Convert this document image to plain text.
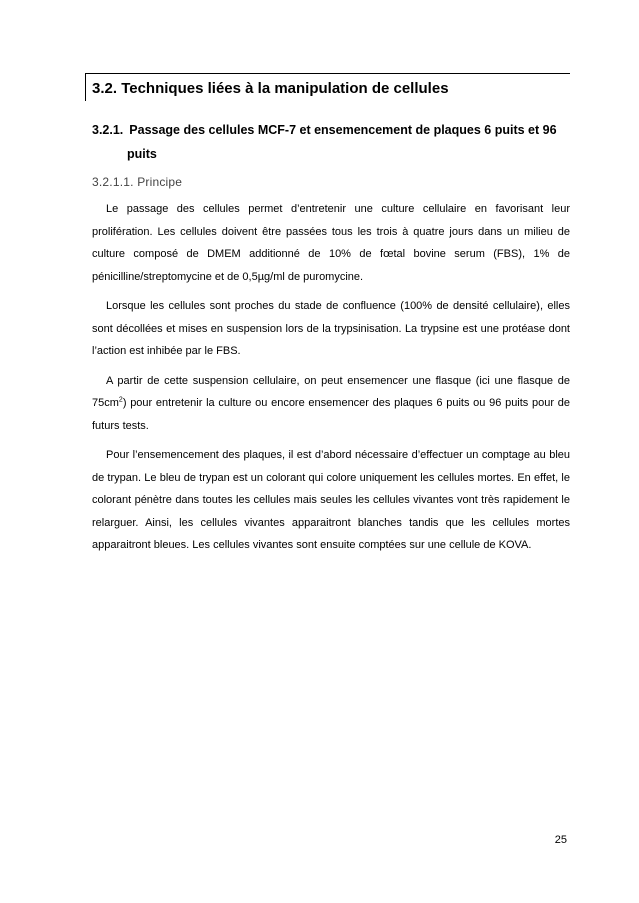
3.2. Techniques liées à la manipulation de cellules
3.2.1. Passage des cellules MCF-7 et ensemencement de plaques 6 puits et 96
puits
3.2.1.1. Principe

Le passage des cellules permet d’entretenir une culture cellulaire en favorisant leur prolifération. Les cellules doivent être passées tous les trois à quatre jours dans un milieu de culture composé de DMEM additionné de 10% de fœtal bovine serum (FBS), 1% de pénicilline/streptomycine et de 0,5µg/ml de puromycine.

Lorsque les cellules sont proches du stade de confluence (100% de densité cellulaire), elles sont décollées et mises en suspension lors de la trypsinisation. La trypsine est une protéase dont l’action est inhibée par le FBS.

A partir de cette suspension cellulaire, on peut ensemencer une flasque (ici une flasque de $75cm^2$) pour entretenir la culture ou encore ensemencer des plaques 6 puits ou 96 puits pour de futurs tests.

Pour l’ensemencement des plaques, il est d’abord nécessaire d’effectuer un comptage au bleu de trypan. Le bleu de trypan est un colorant qui colore uniquement les cellules mortes. En effet, le colorant pénètre dans toutes les cellules mais seules les cellules vivantes vont très rapidement le relarguer. Ainsi, les cellules vivantes apparaitront blanches tandis que les cellules mortes apparaitront bleues. Les cellules vivantes sont ensuite comptées sur une cellule de KOVA.

25
